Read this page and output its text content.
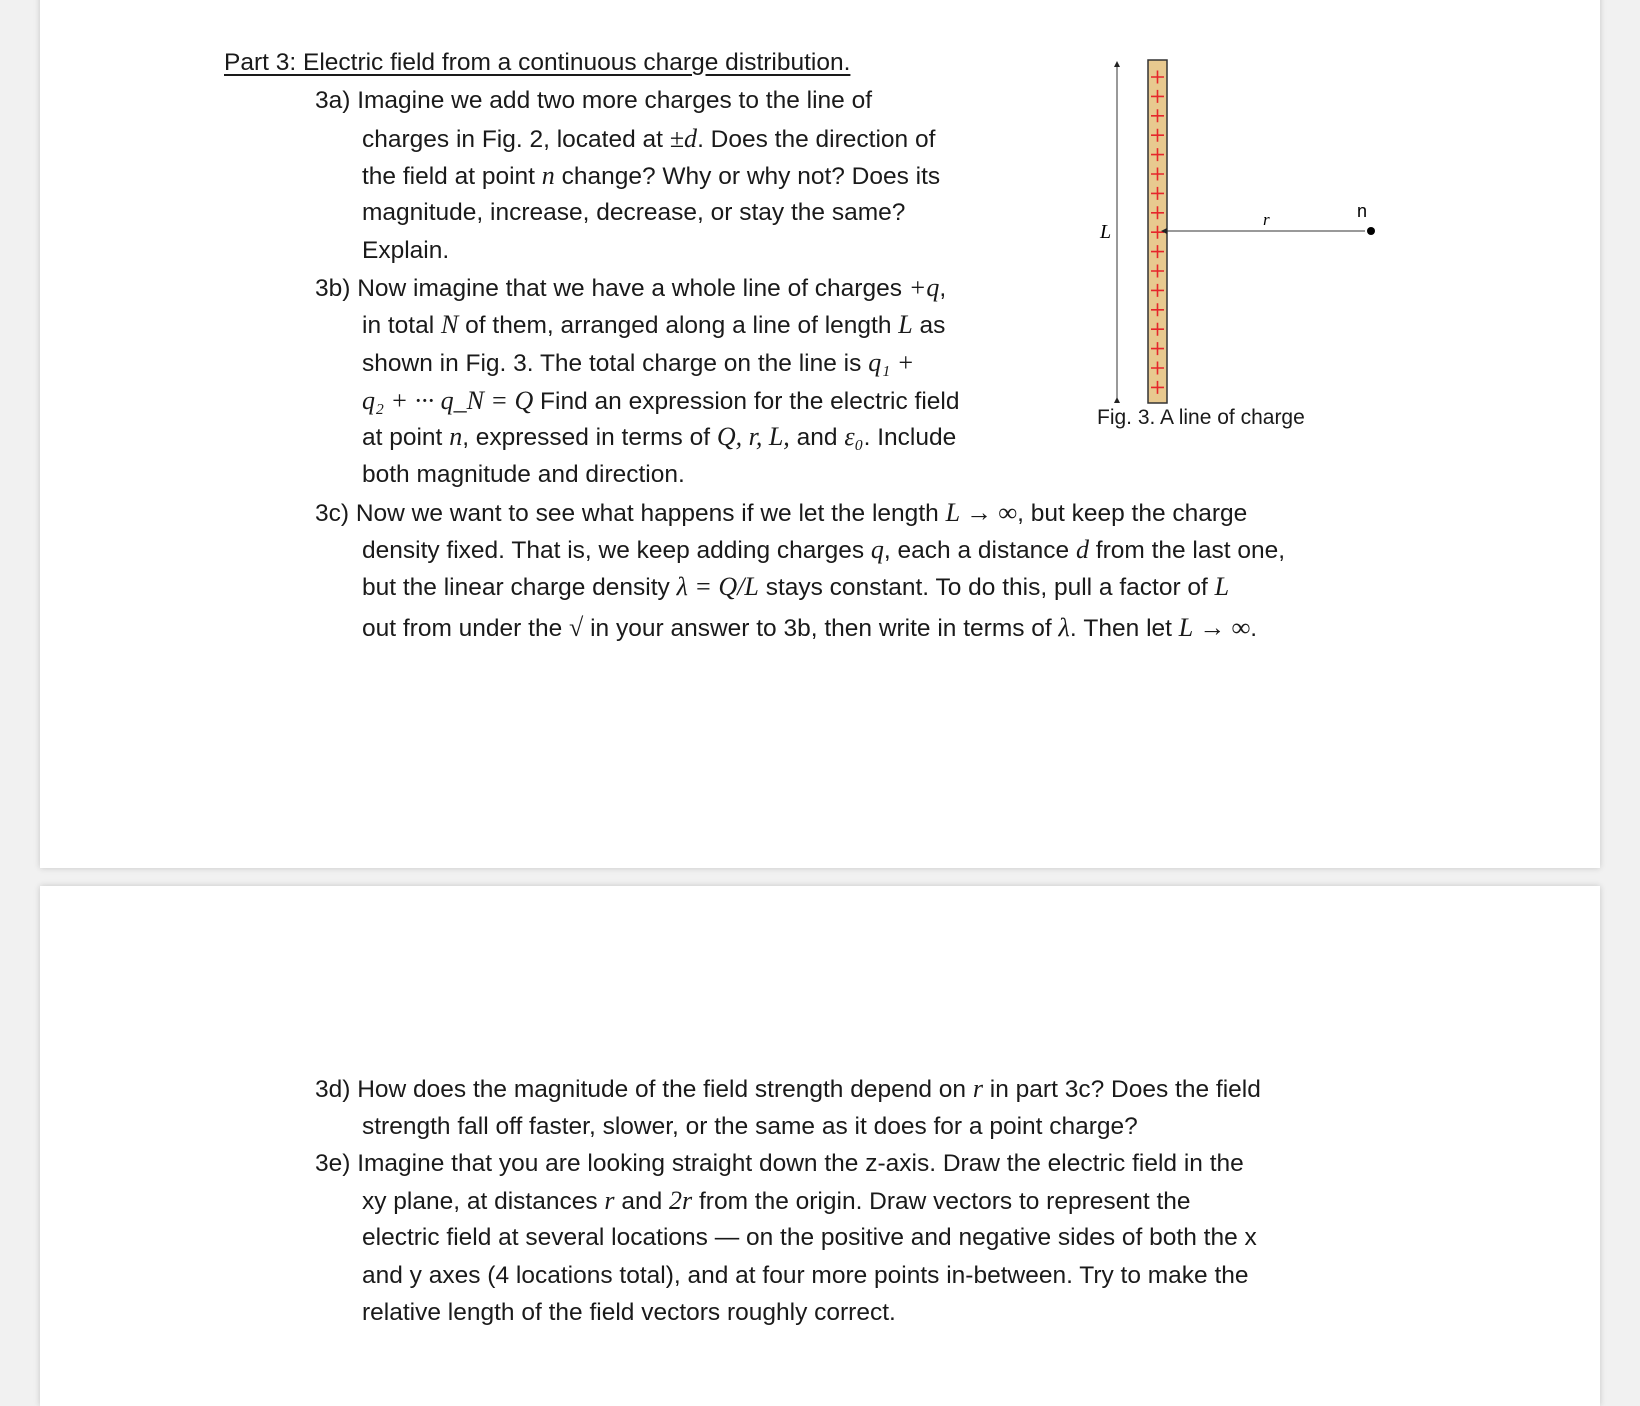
Part 3: Electric field from a continuous charge distribution.
3a) Imagine we add two more charges to the line of
charges in Fig. 2, located at ±d. Does the direction of
the field at point n change? Why or why not? Does its
magnitude, increase, decrease, or stay the same?
Explain.
3b) Now imagine that we have a whole line of charges +q,
in total N of them, arranged along a line of length L as
shown in Fig. 3. The total charge on the line is q₁ +
q₂ + ··· q_N = Q Find an expression for the electric field
at point n, expressed in terms of Q, r, L, and ε₀. Include
both magnitude and direction.
3c) Now we want to see what happens if we let the length L → ∞, but keep the charge
density fixed. That is, we keep adding charges q, each a distance d from the last one,
but the linear charge density λ = Q/L stays constant. To do this, pull a factor of L
out from under the √ in your answer to 3b, then write in terms of λ. Then let L → ∞.
3d) How does the magnitude of the field strength depend on r in part 3c? Does the field
strength fall off faster, slower, or the same as it does for a point charge?
3e) Imagine that you are looking straight down the z-axis. Draw the electric field in the
xy plane, at distances r and 2r from the origin. Draw vectors to represent the
electric field at several locations — on the positive and negative sides of both the x
and y axes (4 locations total), and at four more points in-between. Try to make the
relative length of the field vectors roughly correct.
L
r	n
Fig. 3. A line of charge
